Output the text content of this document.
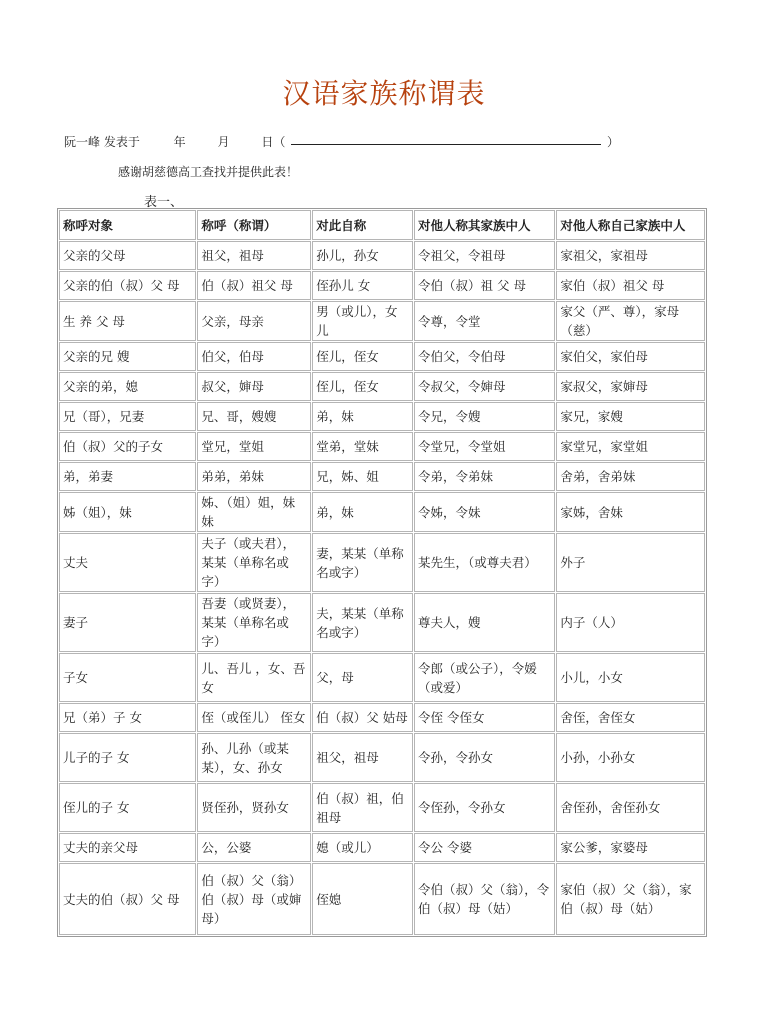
汉语家族称谓表
阮一峰 发表于	年	月	日（	）
感谢胡慈德高工查找并提供此表！
表一、
称呼对象	称呼（称谓）	对此自称	对他人称其家族中人	对他人称自己家族中人
父亲的父母	祖父，祖母	孙儿，孙女	令祖父，令祖母	家祖父，家祖母
父亲的伯（叔）父 母	伯（叔）祖父 母	侄孙儿 女	令伯（叔）祖 父 母	家伯（叔）祖父 母
生 养 父 母	父亲，母亲	男（或儿），女儿	令尊，令堂	家父（严、尊），家母（慈）
父亲的兄 嫂	伯父，伯母	侄儿，侄女	令伯父，令伯母	家伯父，家伯母
父亲的弟，媳	叔父，婶母	侄儿，侄女	令叔父，令婶母	家叔父，家婶母
兄（哥），兄妻	兄、哥，嫂嫂	弟，妹	令兄，令嫂	家兄，家嫂
伯（叔）父的子女	堂兄，堂姐	堂弟，堂妹	令堂兄，令堂姐	家堂兄，家堂姐
弟，弟妻	弟弟，弟妹	兄，姊、姐	令弟，令弟妹	舍弟，舍弟妹
姊（姐），妹	姊、（姐）姐，妹妹	弟，妹	令姊，令妹	家姊，舍妹
丈夫	夫子（或夫君），某某（单称名或字）	妻，某某（单称名或字）	某先生，（或尊夫君）	外子
妻子	吾妻（或贤妻），某某（单称名或字）	夫，某某（单称名或字）	尊夫人，嫂	内子（人）
子女	儿、吾儿 ，女、吾女	父，母	令郎（或公子），令媛（或爱）	小儿，小女
兄（弟）子 女	侄（或侄儿） 侄女	伯（叔）父 姑母	令侄 令侄女	舍侄，舍侄女
儿子的子 女	孙、儿孙（或某某），女、孙女	祖父，祖母	令孙，令孙女	小孙，小孙女
侄儿的子 女	贤侄孙，贤孙女	伯（叔）祖，伯祖母	令侄孙，令孙女	舍侄孙，舍侄孙女
丈夫的亲父母	公，公婆	媳（或儿）	令公 令婆	家公爹，家婆母
丈夫的伯（叔）父 母	伯（叔）父（翁）伯（叔）母（或婶母）	侄媳	令伯（叔）父（翁），令伯（叔）母（姑）	家伯（叔）父（翁），家伯（叔）母（姑）
